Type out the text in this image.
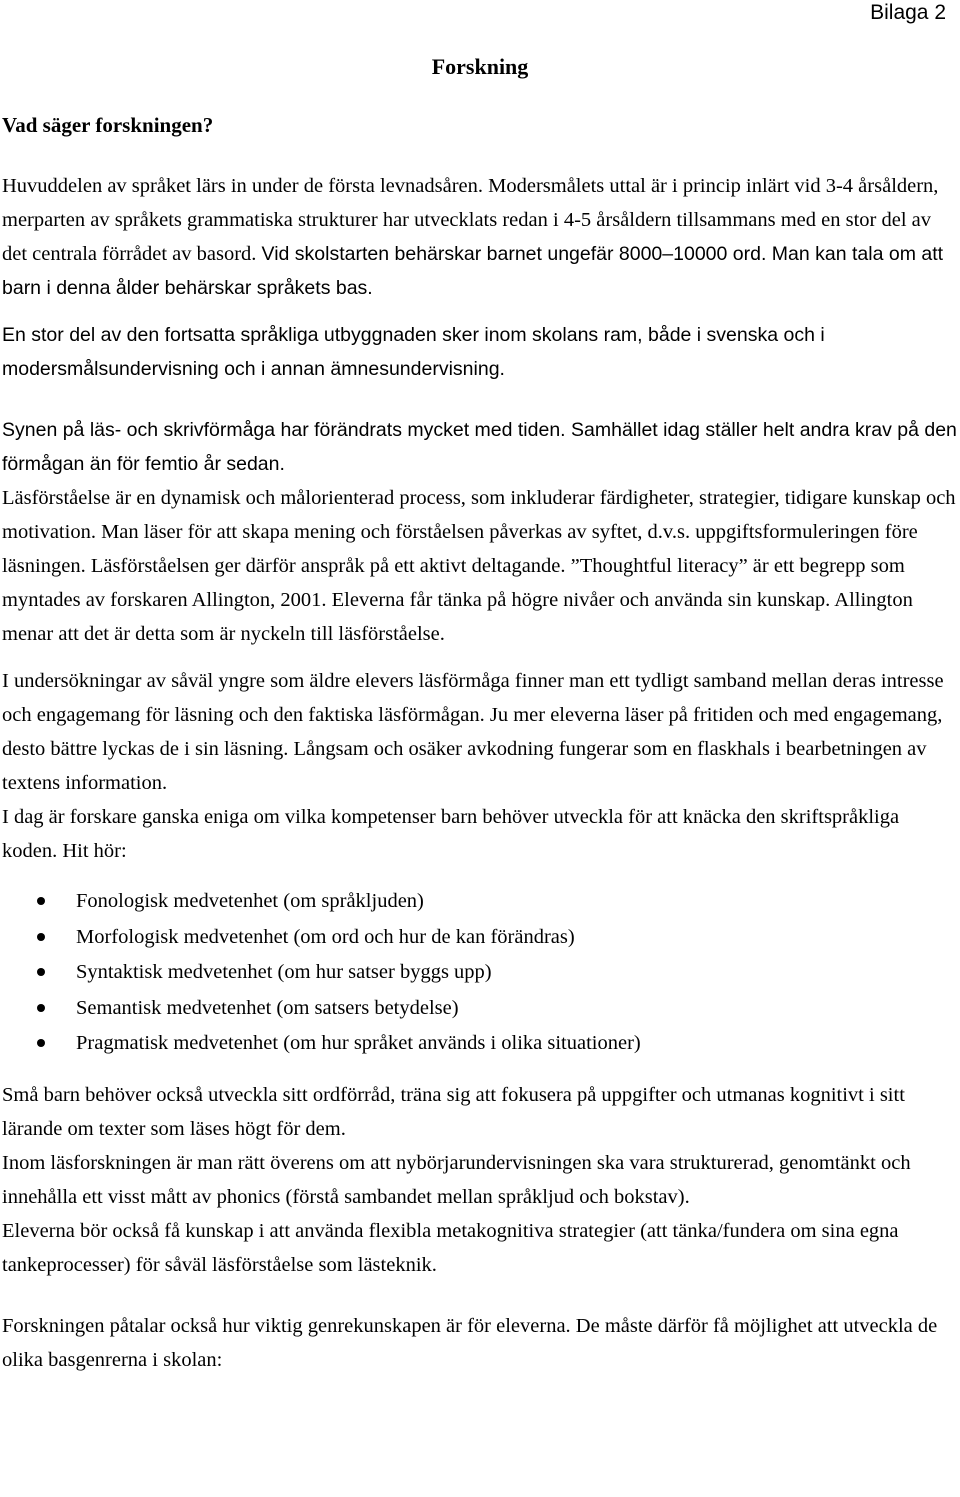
Bilaga 2
Forskning
Vad säger forskningen?

Huvuddelen av språket lärs in under de första levnadsåren. Modersmålets uttal är i princip inlärt vid 3-4 årsåldern, merparten av språkets grammatiska strukturer har utvecklats redan i 4-5 årsåldern tillsammans med en stor del av det centrala förrådet av basord. Vid skolstarten behärskar barnet ungefär 8000–10000 ord. Man kan tala om att barn i denna ålder behärskar språkets bas.

En stor del av den fortsatta språkliga utbyggnaden sker inom skolans ram, både i svenska och i modersmålsundervisning och i annan ämnesundervisning.

Synen på läs- och skrivförmåga har förändrats mycket med tiden. Samhället idag ställer helt andra krav på den förmågan än för femtio år sedan.

Läsförståelse är en dynamisk och målorienterad process, som inkluderar färdigheter, strategier, tidigare kunskap och motivation. Man läser för att skapa mening och förståelsen påverkas av syftet, d.v.s. uppgiftsformuleringen före läsningen. Läsförståelsen ger därför anspråk på ett aktivt deltagande. ”Thoughtful literacy” är ett begrepp som myntades av forskaren Allington, 2001. Eleverna får tänka på högre nivåer och använda sin kunskap. Allington menar att det är detta som är nyckeln till läsförståelse.

I undersökningar av såväl yngre som äldre elevers läsförmåga finner man ett tydligt samband mellan deras intresse och engagemang för läsning och den faktiska läsförmågan. Ju mer eleverna läser på fritiden och med engagemang, desto bättre lyckas de i sin läsning. Långsam och osäker avkodning fungerar som en flaskhals i bearbetningen av textens information.

I dag är forskare ganska eniga om vilka kompetenser barn behöver utveckla för att knäcka den skriftspråkliga koden. Hit hör:

Fonologisk medvetenhet (om språkljuden)
Morfologisk medvetenhet (om ord och hur de kan förändras)
Syntaktisk medvetenhet (om hur satser byggs upp)
Semantisk medvetenhet (om satsers betydelse)
Pragmatisk medvetenhet (om hur språket används i olika situationer)

Små barn behöver också utveckla sitt ordförråd, träna sig att fokusera på uppgifter och utmanas kognitivt i sitt lärande om texter som läses högt för dem.

Inom läsforskningen är man rätt överens om att nybörjarundervisningen ska vara strukturerad, genomtänkt och innehålla ett visst mått av phonics (förstå sambandet mellan språkljud och bokstav).

Eleverna bör också få kunskap i att använda flexibla metakognitiva strategier (att tänka/fundera om sina egna tankeprocesser) för såväl läsförståelse som lästeknik.

Forskningen påtalar också hur viktig genrekunskapen är för eleverna. De måste därför få möjlighet att utveckla de olika basgenrerna i skolan:
